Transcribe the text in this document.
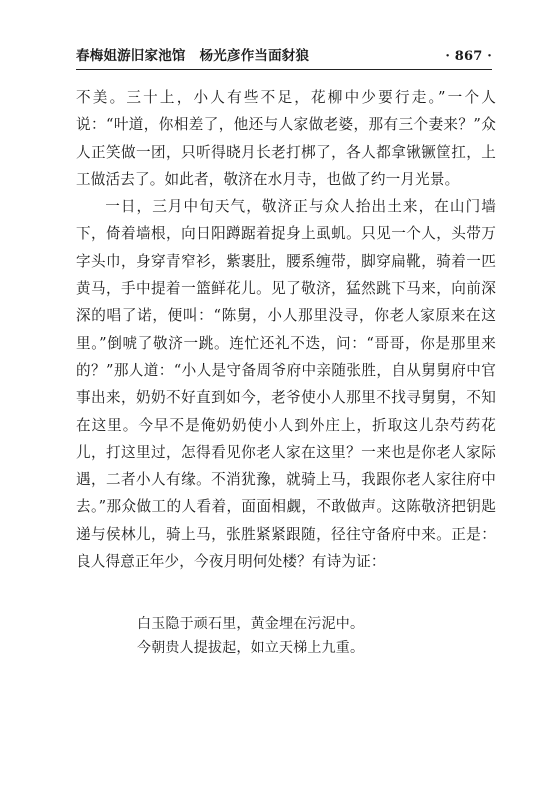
春梅姐游旧家池馆 杨光彦作当面豺狼	· 867 ·

不美。三十上，小人有些不足，花柳中少要行走。”一个人说：“叶道，你相差了，他还与人家做老婆，那有三个妻来？”众人正笑做一团，只听得晓月长老打梆了，各人都拿锹镢筐扛，上工做活去了。如此者，敬济在水月寺，也做了约一月光景。

一日，三月中旬天气，敬济正与众人抬出土来，在山门墙下，倚着墙根，向日阳蹲踞着捉身上虱虮。只见一个人，头带万字头巾，身穿青窄衫，紫裹肚，腰系缠带，脚穿扁靴，骑着一匹黄马，手中提着一篮鲜花儿。见了敬济，猛然跳下马来，向前深深的唱了诺，便叫：“陈舅，小人那里没寻，你老人家原来在这里。”倒唬了敬济一跳。连忙还礼不迭，问：“哥哥，你是那里来的？”那人道：“小人是守备周爷府中亲随张胜，自从舅舅府中官事出来，奶奶不好直到如今，老爷使小人那里不找寻舅舅，不知在这里。今早不是俺奶奶使小人到外庄上，折取这儿杂芍药花儿，打这里过，怎得看见你老人家在这里？一来也是你老人家际遇，二者小人有缘。不消犹豫，就骑上马，我跟你老人家往府中去。”那众做工的人看着，面面相觑，不敢做声。这陈敬济把钥匙递与侯林儿，骑上马，张胜紧紧跟随，径往守备府中来。正是：良人得意正年少，今夜月明何处楼？有诗为证：

白玉隐于顽石里，黄金埋在污泥中。
今朝贵人提拔起，如立天梯上九重。
